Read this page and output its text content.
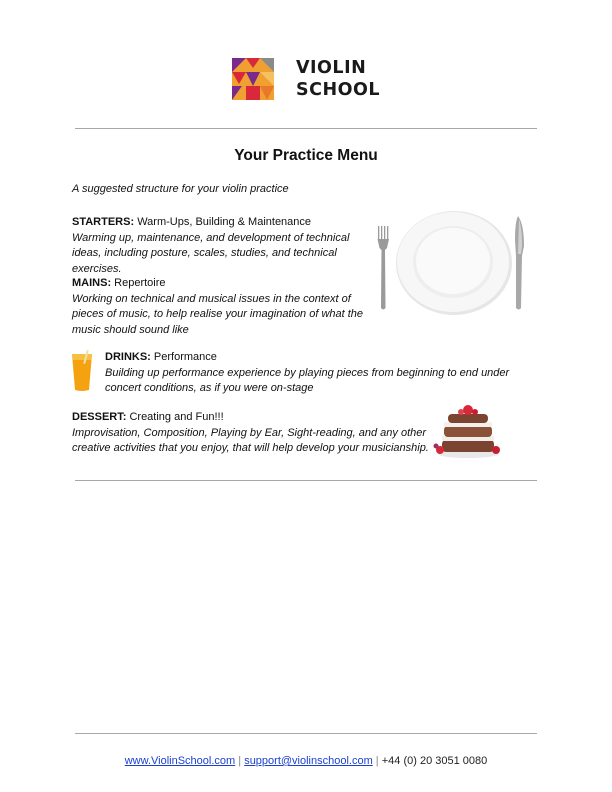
VIOLIN
SCHOOL
Your Practice Menu
A suggested structure for your violin practice
STARTERS: Warm-Ups, Building & Maintenance
Warming up, maintenance, and development of technical ideas, including posture, scales, studies, and technical exercises.
MAINS: Repertoire
Working on technical and musical issues in the context of pieces of music, to help realise your imagination of what the music should sound like
DRINKS: Performance
Building up performance experience by playing pieces from beginning to end under concert conditions, as if you were on-stage
DESSERT: Creating and Fun!!!
Improvisation, Composition, Playing by Ear, Sight-reading, and any other creative activities that you enjoy, that will help develop your musicianship.
www.ViolinSchool.com | support@violinschool.com | +44 (0) 20 3051 0080
